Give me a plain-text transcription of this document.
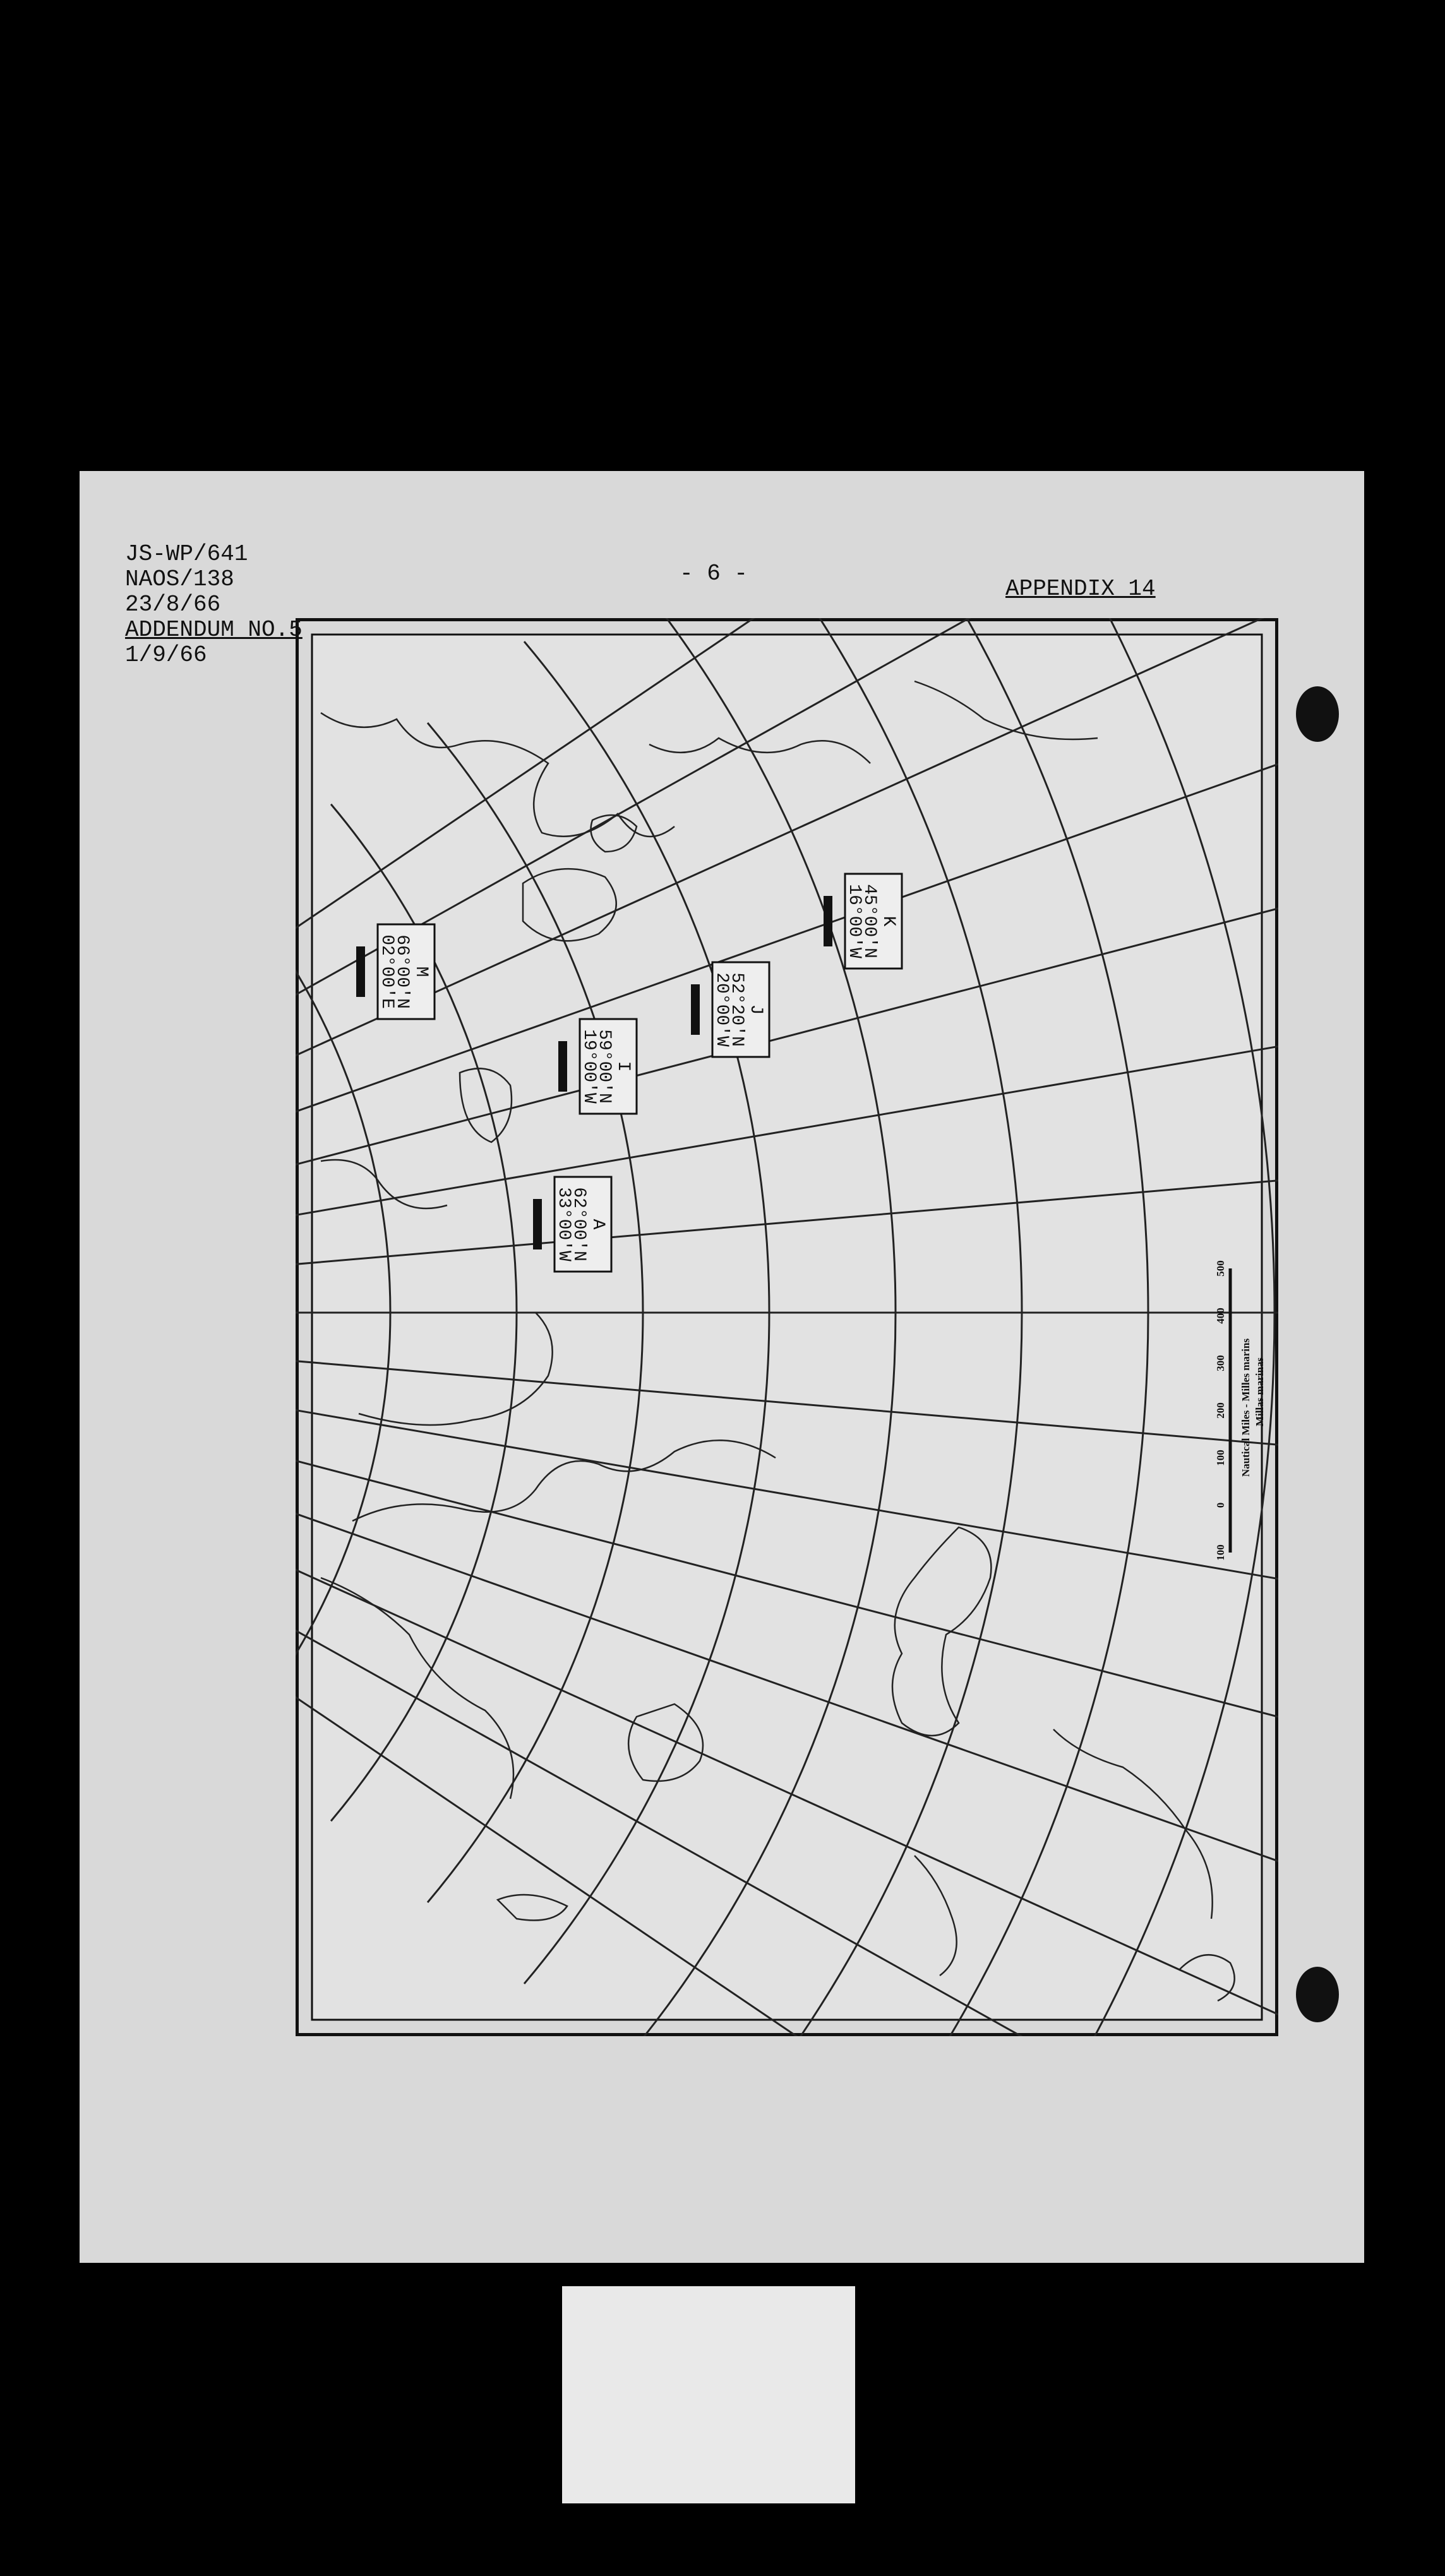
JS-WP/641
NAOS/138
23/8/66
ADDENDUM NO.5
1/9/66
- 6 -
APPENDIX 14
M
66°00'N
02°00'E
I
59°00'N
19°00'W
J
52°20'N
20°00'W
K
45°00'N
16°00'W
A
62°00'N
33°00'W
100
0
100
200
300
400
500
Nautical Miles - Milles marins Millas marinas
